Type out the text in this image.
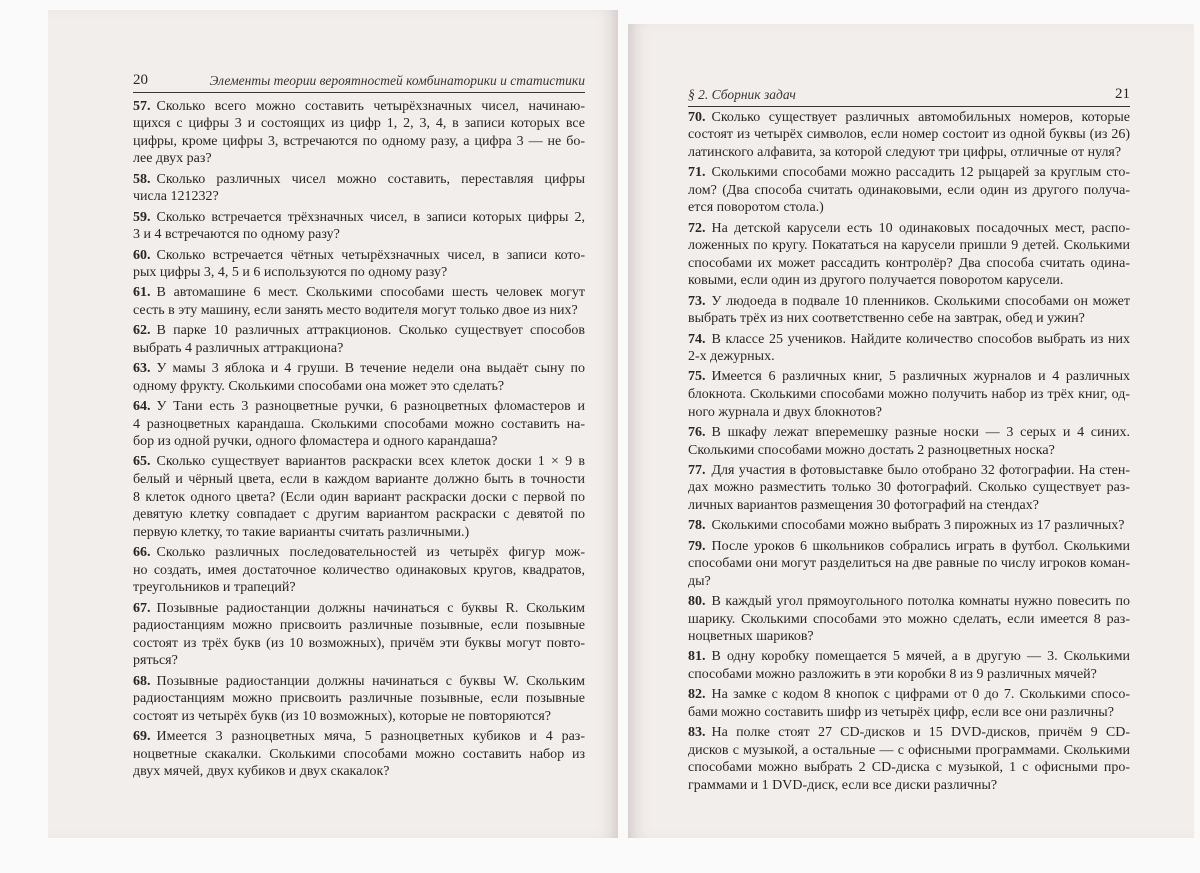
20	Элементы теории вероятностей комбинаторики и статистики
57. Сколько всего можно составить четырёхзначных чисел, начинаю-
щихся с цифры 3 и состоящих из цифр 1, 2, 3, 4, в записи которых все
цифры, кроме цифры 3, встречаются по одному разу, а цифра 3 — не бо-
лее двух раз?
58. Сколько различных чисел можно составить, переставляя цифры
числа 121232?
59. Сколько встречается трёхзначных чисел, в записи которых цифры 2,
3 и 4 встречаются по одному разу?
60. Сколько встречается чётных четырёхзначных чисел, в записи кото-
рых цифры 3, 4, 5 и 6 используются по одному разу?
61. В автомашине 6 мест. Сколькими способами шесть человек могут
сесть в эту машину, если занять место водителя могут только двое из них?
62. В парке 10 различных аттракционов. Сколько существует способов
выбрать 4 различных аттракциона?
63. У мамы 3 яблока и 4 груши. В течение недели она выдаёт сыну по
одному фрукту. Сколькими способами она может это сделать?
64. У Тани есть 3 разноцветные ручки, 6 разноцветных фломастеров и
4 разноцветных карандаша. Сколькими способами можно составить на-
бор из одной ручки, одного фломастера и одного карандаша?
65. Сколько существует вариантов раскраски всех клеток доски 1 × 9 в
белый и чёрный цвета, если в каждом варианте должно быть в точности
8 клеток одного цвета? (Если один вариант раскраски доски с первой по
девятую клетку совпадает с другим вариантом раскраски с девятой по
первую клетку, то такие варианты считать различными.)
66. Сколько различных последовательностей из четырёх фигур мож-
но создать, имея достаточное количество одинаковых кругов, квадратов,
треугольников и трапеций?
67. Позывные радиостанции должны начинаться с буквы R. Скольким
радиостанциям можно присвоить различные позывные, если позывные
состоят из трёх букв (из 10 возможных), причём эти буквы могут повто-
ряться?
68. Позывные радиостанции должны начинаться с буквы W. Скольким
радиостанциям можно присвоить различные позывные, если позывные
состоят из четырёх букв (из 10 возможных), которые не повторяются?
69. Имеется 3 разноцветных мяча, 5 разноцветных кубиков и 4 раз-
ноцветные скакалки. Сколькими способами можно составить набор из
двух мячей, двух кубиков и двух скакалок?
§ 2. Сборник задач	21
70. Сколько существует различных автомобильных номеров, которые
состоят из четырёх символов, если номер состоит из одной буквы (из 26)
латинского алфавита, за которой следуют три цифры, отличные от нуля?
71. Сколькими способами можно рассадить 12 рыцарей за круглым сто-
лом? (Два способа считать одинаковыми, если один из другого получа-
ется поворотом стола.)
72. На детской карусели есть 10 одинаковых посадочных мест, распо-
ложенных по кругу. Покататься на карусели пришли 9 детей. Сколькими
способами их может рассадить контролёр? Два способа считать одина-
ковыми, если один из другого получается поворотом карусели.
73. У людоеда в подвале 10 пленников. Сколькими способами он может
выбрать трёх из них соответственно себе на завтрак, обед и ужин?
74. В классе 25 учеников. Найдите количество способов выбрать из них
2-х дежурных.
75. Имеется 6 различных книг, 5 различных журналов и 4 различных
блокнота. Сколькими способами можно получить набор из трёх книг, од-
ного журнала и двух блокнотов?
76. В шкафу лежат вперемешку разные носки — 3 серых и 4 синих.
Сколькими способами можно достать 2 разноцветных носка?
77. Для участия в фотовыставке было отобрано 32 фотографии. На стен-
дах можно разместить только 30 фотографий. Сколько существует раз-
личных вариантов размещения 30 фотографий на стендах?
78. Сколькими способами можно выбрать 3 пирожных из 17 различных?
79. После уроков 6 школьников собрались играть в футбол. Сколькими
способами они могут разделиться на две равные по числу игроков коман-
ды?
80. В каждый угол прямоугольного потолка комнаты нужно повесить по
шарику. Сколькими способами это можно сделать, если имеется 8 раз-
ноцветных шариков?
81. В одну коробку помещается 5 мячей, а в другую — 3. Сколькими
способами можно разложить в эти коробки 8 из 9 различных мячей?
82. На замке с кодом 8 кнопок с цифрами от 0 до 7. Сколькими спосо-
бами можно составить шифр из четырёх цифр, если все они различны?
83. На полке стоят 27 CD-дисков и 15 DVD-дисков, причём 9 CD-
дисков с музыкой, а остальные — с офисными программами. Сколькими
способами можно выбрать 2 CD-диска с музыкой, 1 с офисными про-
граммами и 1 DVD-диск, если все диски различны?
